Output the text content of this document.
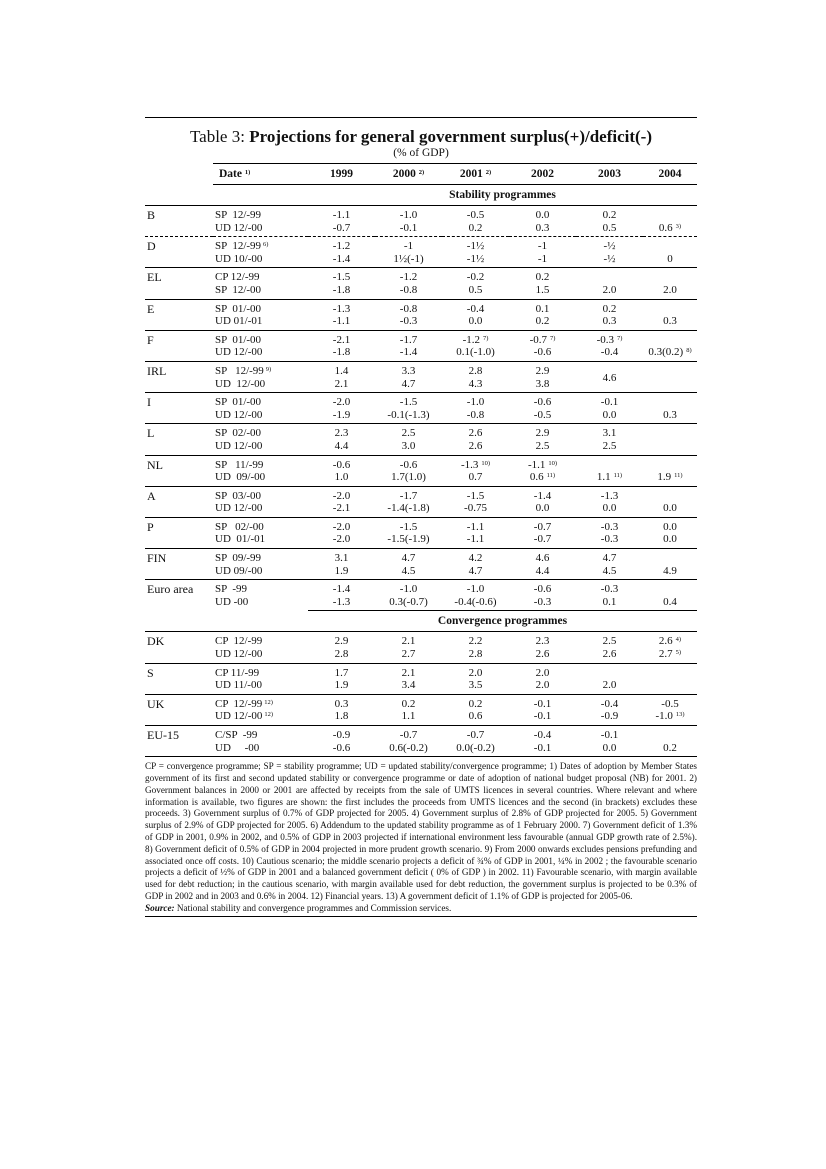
Table 3: Projections for general government surplus(+)/deficit(-)
(% of GDP)
	Date $^{1)}$	1999	2000 $^{2)}$	2001 $^{2)}$	2002	2003	2004
		Stability programmes					
B	SP  12/-99	-1.1	-1.0	-0.5	0.0	0.2	
	UD 12/-00	-0.7	-0.1	0.2	0.3	0.5	0.6 $^{3)}$
D	SP  12/-99 $^{6)}$	-1.2	-1	-1½	-1	-½	
	UD 10/-00	-1.4	1½(-1)	-1½	-1	-½	0
EL	CP 12/-99	-1.5	-1.2	-0.2	0.2		
	SP  12/-00	-1.8	-0.8	0.5	1.5	2.0	2.0
E	SP  01/-00	-1.3	-0.8	-0.4	0.1	0.2	
	UD 01/-01	-1.1	-0.3	0.0	0.2	0.3	0.3
F	SP  01/-00	-2.1	-1.7	-1.2 $^{7)}$	-0.7 $^{7)}$	-0.3 $^{7)}$	
	UD 12/-00	-1.8	-1.4	0.1(-1.0)	-0.6	-0.4	0.3(0.2) $^{8)}$
IRL	SP   12/-99 $^{9)}$	1.4	3.3	2.8	2.9	4.6	
	UD  12/-00	2.1	4.7	4.3	3.8		
I	SP  01/-00	-2.0	-1.5	-1.0	-0.6	-0.1	
	UD 12/-00	-1.9	-0.1(-1.3)	-0.8	-0.5	0.0	0.3
L	SP  02/-00	2.3	2.5	2.6	2.9	3.1	
	UD 12/-00	4.4	3.0	2.6	2.5	2.5	
NL	SP   11/-99	-0.6	-0.6	-1.3 $^{10)}$	-1.1 $^{10)}$		
	UD  09/-00	1.0	1.7(1.0)	0.7	0.6 $^{11)}$	1.1 $^{11)}$	1.9 $^{11)}$
A	SP  03/-00	-2.0	-1.7	-1.5	-1.4	-1.3	
	UD 12/-00	-2.1	-1.4(-1.8)	-0.75	0.0	0.0	0.0
P	SP   02/-00	-2.0	-1.5	-1.1	-0.7	-0.3	0.0
	UD  01/-01	-2.0	-1.5(-1.9)	-1.1	-0.7	-0.3	0.0
FIN	SP  09/-99	3.1	4.7	4.2	4.6	4.7	
	UD 09/-00	1.9	4.5	4.7	4.4	4.5	4.9
Euro area	SP  -99	-1.4	-1.0	-1.0	-0.6	-0.3	
	UD -00	-1.3	0.3(-0.7)	-0.4(-0.6)	-0.3	0.1	0.4
		Convergence programmes					
DK	CP  12/-99	2.9	2.1	2.2	2.3	2.5	2.6 $^{4)}$
	UD 12/-00	2.8	2.7	2.8	2.6	2.6	2.7 $^{5)}$
S	CP 11/-99	1.7	2.1	2.0	2.0		
	UD 11/-00	1.9	3.4	3.5	2.0	2.0	
UK	CP  12/-99 $^{12)}$	0.3	0.2	0.2	-0.1	-0.4	-0.5
	UD 12/-00 $^{12)}$	1.8	1.1	0.6	-0.1	-0.9	-1.0 $^{13)}$
EU-15	C/SP  -99	-0.9	-0.7	-0.7	-0.4	-0.1	
	UD     -00	-0.6	0.6(-0.2)	0.0(-0.2)	-0.1	0.0	0.2
CP = convergence programme; SP = stability programme; UD = updated stability/convergence programme; 1) Dates of adoption by Member States government of its first and second updated stability or convergence programme or date of adoption of national budget proposal (NB) for 2001. 2) Government balances in 2000 or 2001 are affected by receipts from the sale of UMTS licences in several countries. Where relevant and where information is available, two figures are shown: the first includes the proceeds from UMTS licences and the second (in brackets) excludes these proceeds. 3) Government surplus of 0.7% of GDP projected for 2005. 4) Government surplus of 2.8% of GDP projected for 2005. 5) Government surplus of 2.9% of GDP projected for 2005. 6) Addendum to the updated stability programme as of 1 February 2000. 7) Government deficit of 1.3% of GDP in 2001, 0.9% in 2002, and 0.5% of GDP in 2003 projected if international environment less favourable (annual GDP growth rate of 2.5%). 8) Government deficit of 0.5% of GDP in 2004 projected in more prudent growth scenario. 9) From 2000 onwards excludes pensions prefunding and associated once off costs. 10) Cautious scenario; the middle scenario projects a deficit of ¾% of GDP in 2001, ¼% in 2002 ; the favourable scenario projects a deficit of ½% of GDP in 2001 and a balanced government deficit ( 0% of GDP ) in 2002. 11) Favourable scenario, with margin available used for debt reduction; in the cautious scenario, with margin available used for debt reduction, the government surplus is projected to be 0.3% of GDP in 2002 and in 2003 and 0.6% in 2004. 12) Financial years. 13) A government deficit of 1.1% of GDP is projected for 2005-06.
Source: National stability and convergence programmes and Commission services.
